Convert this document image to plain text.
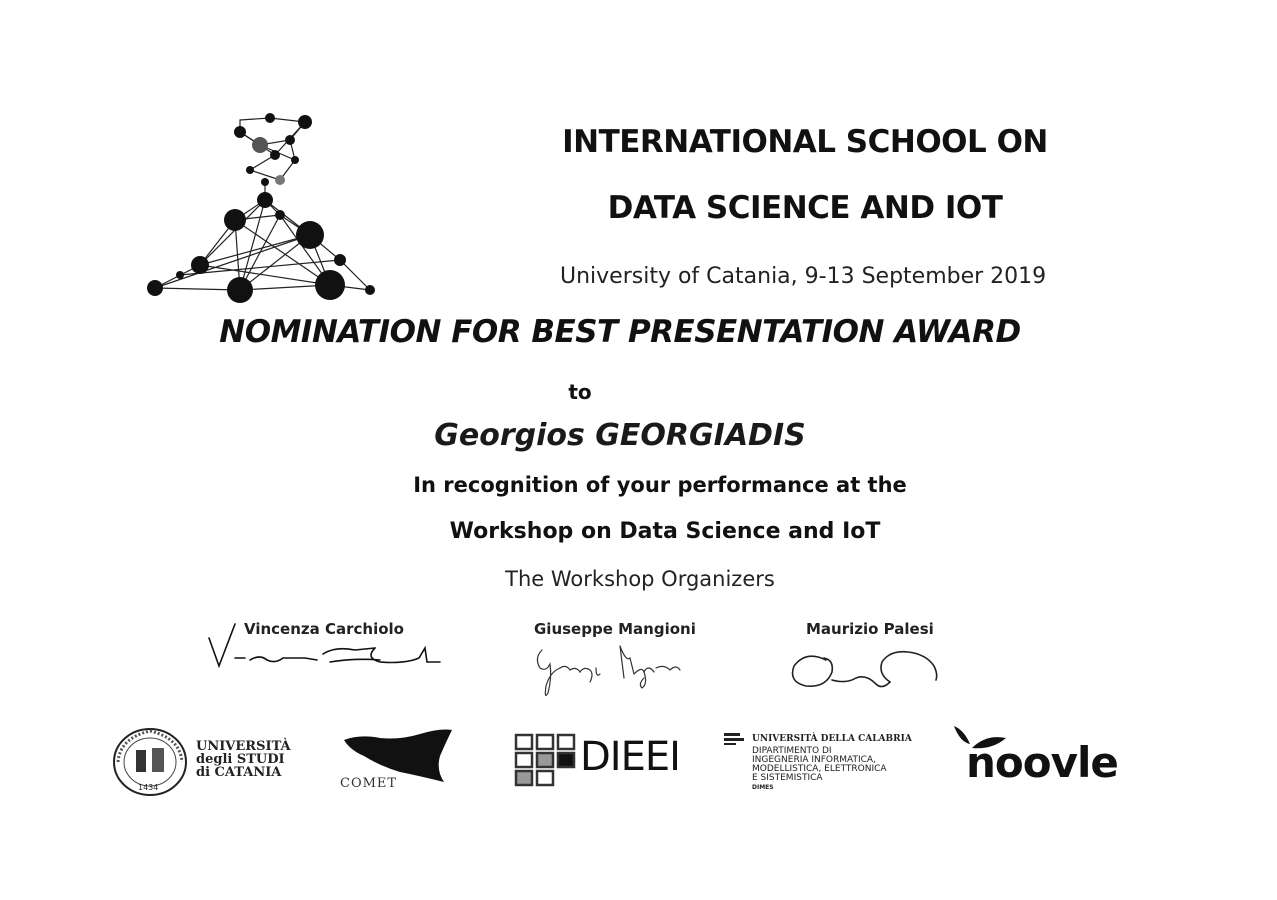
INTERNATIONAL SCHOOL ON
DATA SCIENCE AND IOT
University of Catania, 9-13 September 2019
NOMINATION FOR BEST PRESENTATION AWARD
to
Georgios GEORGIADIS
In recognition of your performance at the
Workshop on Data Science and IoT
The Workshop Organizers
Vincenza Carchiolo	Giuseppe Mangioni	Maurizio Palesi
1434
UNIVERSITÀ
degli STUDI
di CATANIA
COMET
DIEEI	UNIVERSITÀ DELLA CALABRIA
DIPARTIMENTO DI
INGEGNERIA INFORMATICA,
MODELLISTICA, ELETTRONICA
E SISTEMISTICA
DIMES
noovle
